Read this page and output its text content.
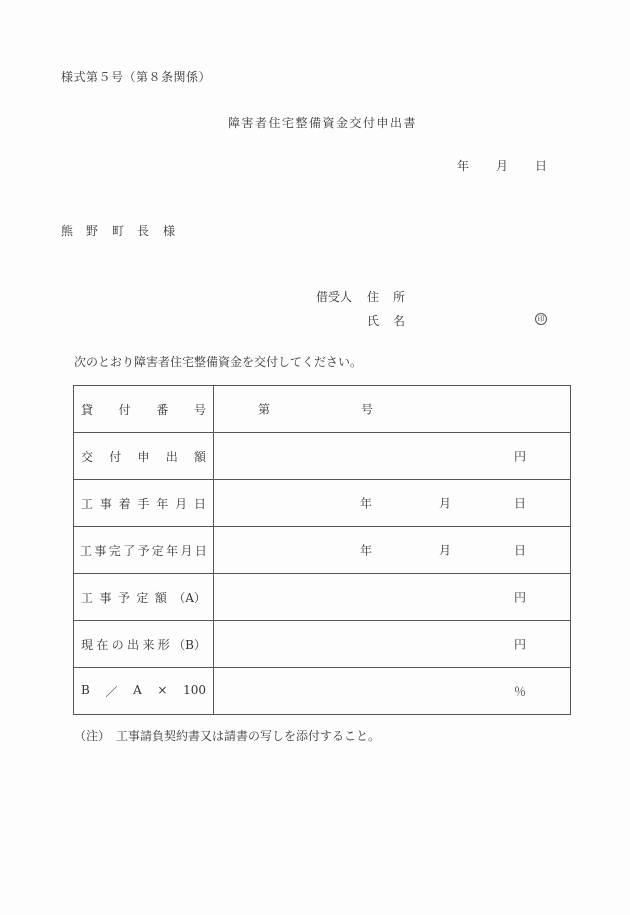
様式第５号（第８条関係）
障害者住宅整備資金交付申出書
年 月 日
熊 野 町 長 様
借受人 住 所
氏 名	印
次のとおり障害者住宅整備資金を交付してください。
貸 付 番 号	第 号

交 付 申 出 額	円

工 事 着 手 年 月 日	年	月	日

工 事 完 了 予 定 年 月 日	年	月	日

工 事 予 定 額 （A）	円

現 在 の 出 来 形 （B）	円

B ／ A × 100	％
（注）　工事請負契約書又は請書の写しを添付すること。
